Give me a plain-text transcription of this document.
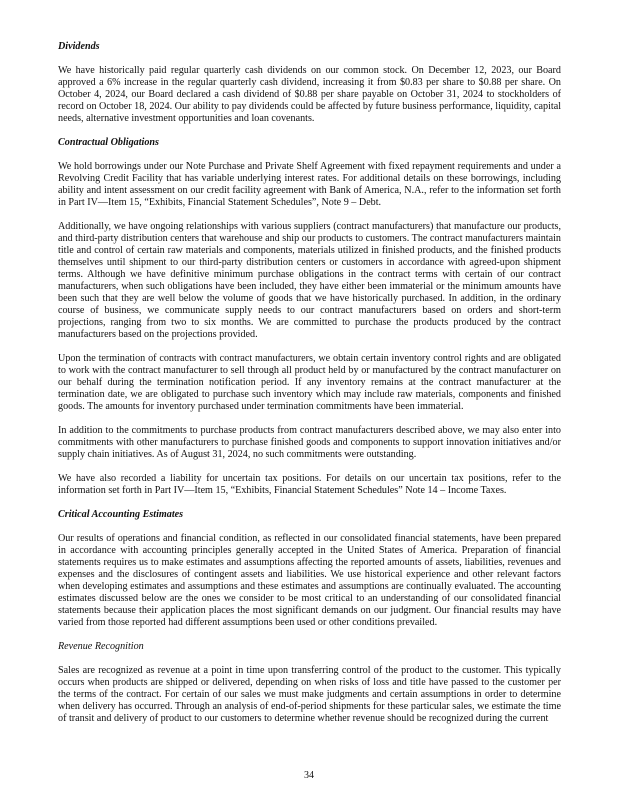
Dividends

We have historically paid regular quarterly cash dividends on our common stock. On December 12, 2023, our Board approved a 6% increase in the regular quarterly cash dividend, increasing it from $0.83 per share to $0.88 per share. On October 4, 2024, our Board declared a cash dividend of $0.88 per share payable on October 31, 2024 to stockholders of record on October 18, 2024. Our ability to pay dividends could be affected by future business performance, liquidity, capital needs, alternative investment opportunities and loan covenants.

Contractual Obligations

We hold borrowings under our Note Purchase and Private Shelf Agreement with fixed repayment requirements and under a Revolving Credit Facility that has variable underlying interest rates. For additional details on these borrowings, including ability and intent assessment on our credit facility agreement with Bank of America, N.A., refer to the information set forth in Part IV—Item 15, “Exhibits, Financial Statement Schedules”, Note 9 – Debt.

Additionally, we have ongoing relationships with various suppliers (contract manufacturers) that manufacture our products, and third-party distribution centers that warehouse and ship our products to customers. The contract manufacturers maintain title and control of certain raw materials and components, materials utilized in finished products, and the finished products themselves until shipment to our third-party distribution centers or customers in accordance with agreed-upon shipment terms. Although we have definitive minimum purchase obligations in the contract terms with certain of our contract manufacturers, when such obligations have been included, they have either been immaterial or the minimum amounts have been such that they are well below the volume of goods that we have historically purchased. In addition, in the ordinary course of business, we communicate supply needs to our contract manufacturers based on orders and short-term projections, ranging from two to six months. We are committed to purchase the products produced by the contract manufacturers based on the projections provided.

Upon the termination of contracts with contract manufacturers, we obtain certain inventory control rights and are obligated to work with the contract manufacturer to sell through all product held by or manufactured by the contract manufacturer on our behalf during the termination notification period. If any inventory remains at the contract manufacturer at the termination date, we are obligated to purchase such inventory which may include raw materials, components and finished goods. The amounts for inventory purchased under termination commitments have been immaterial.

In addition to the commitments to purchase products from contract manufacturers described above, we may also enter into commitments with other manufacturers to purchase finished goods and components to support innovation initiatives and/or supply chain initiatives. As of August 31, 2024, no such commitments were outstanding.

We have also recorded a liability for uncertain tax positions. For details on our uncertain tax positions, refer to the information set forth in Part IV—Item 15, “Exhibits, Financial Statement Schedules” Note 14 – Income Taxes.

Critical Accounting Estimates

Our results of operations and financial condition, as reflected in our consolidated financial statements, have been prepared in accordance with accounting principles generally accepted in the United States of America. Preparation of financial statements requires us to make estimates and assumptions affecting the reported amounts of assets, liabilities, revenues and expenses and the disclosures of contingent assets and liabilities. We use historical experience and other relevant factors when developing estimates and assumptions and these estimates and assumptions are continually evaluated. The accounting estimates discussed below are the ones we consider to be most critical to an understanding of our consolidated financial statements because their application places the most significant demands on our judgment. Our financial results may have varied from those reported had different assumptions been used or other conditions prevailed.

Revenue Recognition

Sales are recognized as revenue at a point in time upon transferring control of the product to the customer. This typically occurs when products are shipped or delivered, depending on when risks of loss and title have passed to the customer per the terms of the contract. For certain of our sales we must make judgments and certain assumptions in order to determine when delivery has occurred. Through an analysis of end-of-period shipments for these particular sales, we estimate the time of transit and delivery of product to our customers to determine whether revenue should be recognized during the current

34
